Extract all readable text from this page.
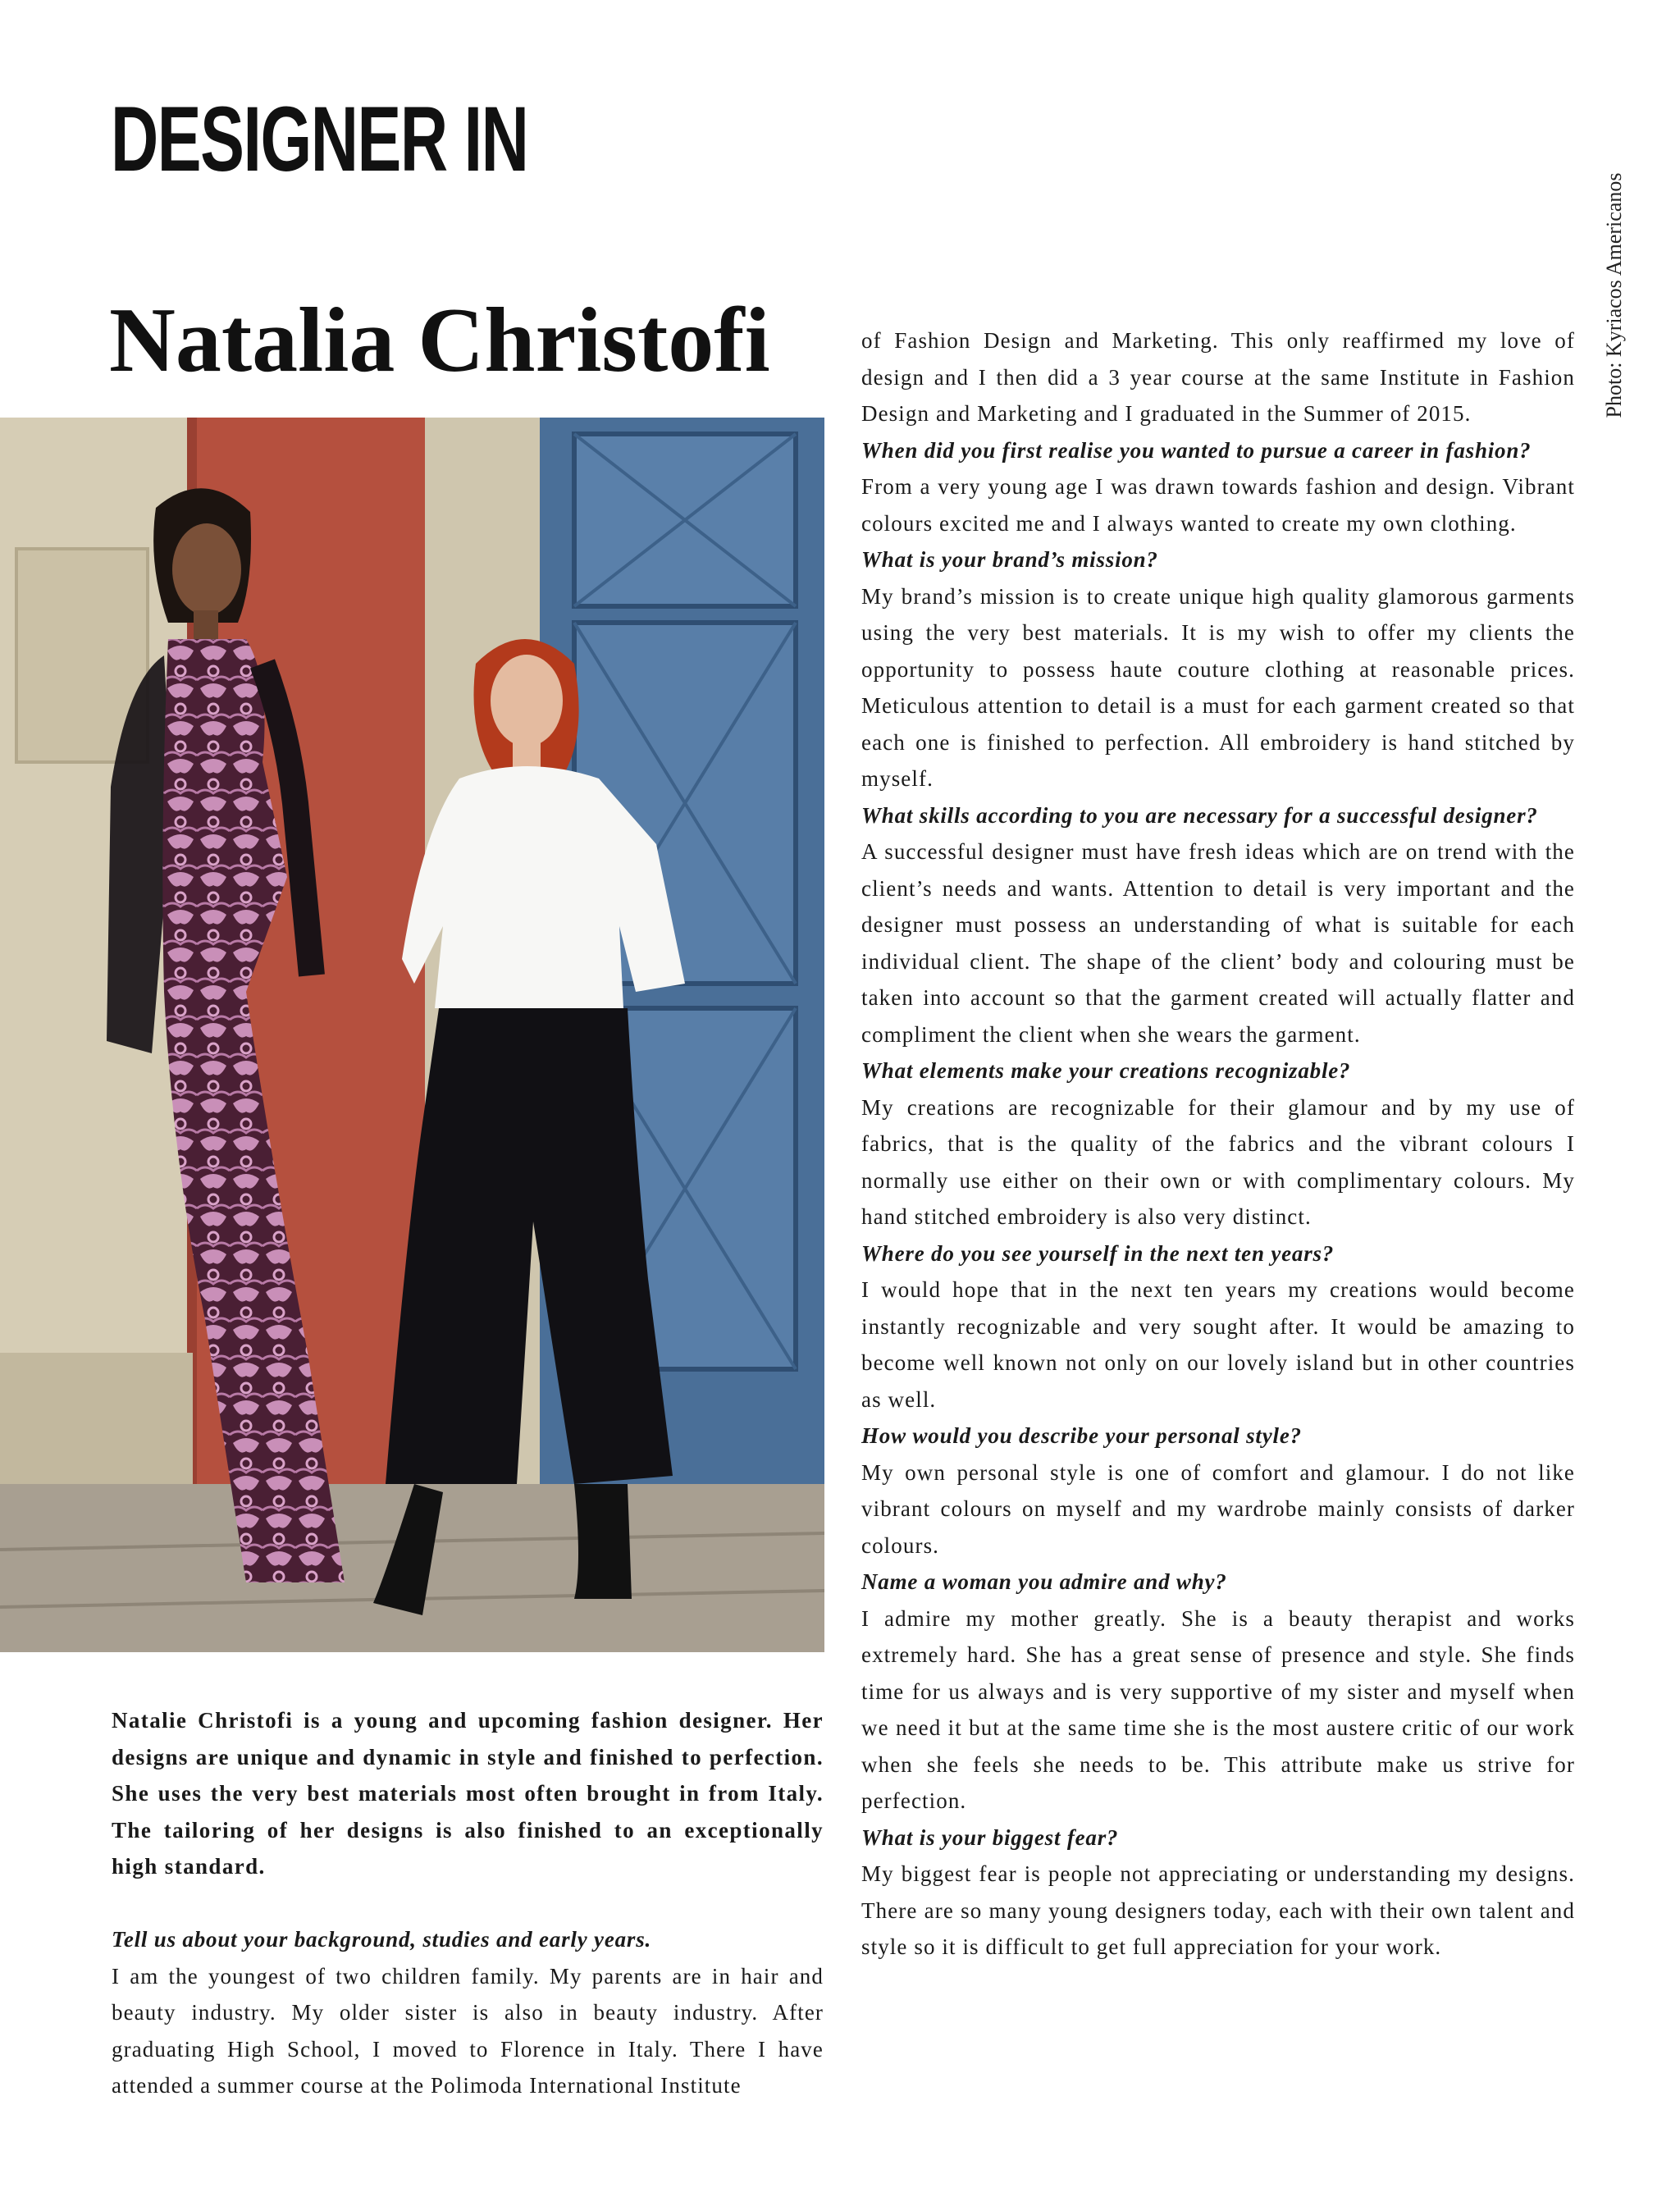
DESIGNER IN
Photo: Kyriacos Americanos
Natalia Christofi

Natalie Christofi is a young and upcoming fashion designer. Her designs are unique and dynamic in style and finished to perfection. She uses the very best materials most often brought in from Italy. The tailoring of her designs is also finished to an exceptionally high standard.

Tell us about your background, studies and early years.

I am the youngest of two children family. My parents are in hair and beauty industry. My older sister is also in beauty industry. After graduating High School, I moved to Florence in Italy. There I have attended a summer course at the Polimoda International Institute

of Fashion Design and Marketing. This only reaffirmed my love of design and I then did a 3 year course at the same Institute in Fashion Design and Marketing and I graduated in the Summer of 2015.

When did you first realise you wanted to pursue a career in fashion?

From a very young age I was drawn towards fashion and design. Vibrant colours excited me and I always wanted to create my own clothing.

What is your brand’s mission?

My brand’s mission is to create unique high quality glamorous garments using the very best materials. It is my wish to offer my clients the opportunity to possess haute couture clothing at reasonable prices. Meticulous attention to detail is a must for each garment created so that each one is finished to perfection. All embroidery is hand stitched by myself.

What skills according to you are necessary for a successful designer?

A successful designer must have fresh ideas which are on trend with the client’s needs and wants. Attention to detail is very important and the designer must possess an understanding of what is suitable for each individual client. The shape of the client’ body and colouring must be taken into account so that the garment created will actually flatter and compliment the client when she wears the garment.

What elements make your creations recognizable?

My creations are recognizable for their glamour and by my use of fabrics, that is the quality of the fabrics and the vibrant colours I normally use either on their own or with complimentary colours. My hand stitched embroidery is also very distinct.

Where do you see yourself in the next ten years?

I would hope that in the next ten years my creations would become instantly recognizable and very sought after. It would be amazing to become well known not only on our lovely island but in other countries as well.

How would you describe your personal style?

My own personal style is one of comfort and glamour. I do not like vibrant colours on myself and my wardrobe mainly consists of darker colours.

Name a woman you admire and why?

I admire my mother greatly. She is a beauty therapist and works extremely hard. She has a great sense of presence and style. She finds time for us always and is very supportive of my sister and myself when we need it but at the same time she is the most austere critic of our work when she feels she needs to be. This attribute make us strive for perfection.

What is your biggest fear?

My biggest fear is people not appreciating or understanding my designs. There are so many young designers today, each with their own talent and style so it is difficult to get full appreciation for your work.
